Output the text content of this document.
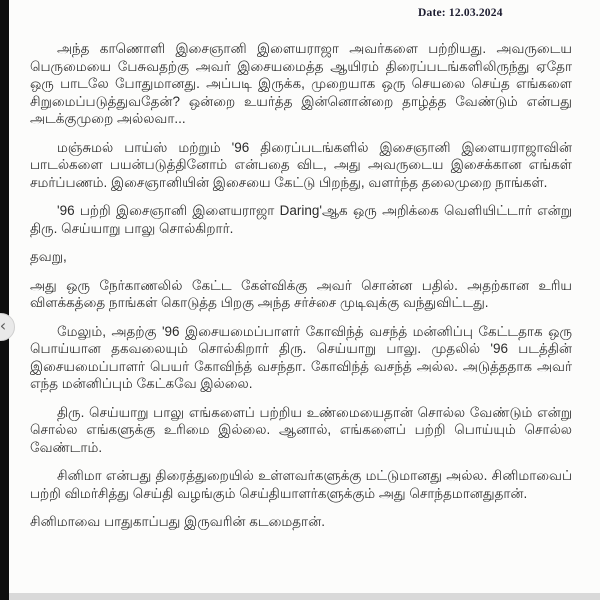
Date: 12.03.2024

அந்த காணொளி இசைஞானி இளையராஜா அவர்களை பற்றியது. அவருடைய பெருமையை பேசுவதற்கு அவர் இசையமைத்த ஆயிரம் திரைப்படங்களிலிருந்து ஏதோ ஒரு பாடலே போதுமானது. அப்படி இருக்க, முறையாக ஒரு செயலை செய்த எங்களை சிறுமைப்படுத்துவதேன்? ஒன்றை உயர்த்த இன்னொன்றை தாழ்த்த வேண்டும் என்பது அடக்குமுறை அல்லவா...

மஞ்சுமல் பாய்ஸ் மற்றும் '96 திரைப்படங்களில் இசைஞானி இளையராஜாவின் பாடல்களை பயன்படுத்தினோம் என்பதை விட, அது அவருடைய இசைக்கான எங்கள் சமர்ப்பணம். இசைஞானியின் இசையை கேட்டு பிறந்து, வளர்ந்த தலைமுறை நாங்கள்.

'96 பற்றி இசைஞானி இளையராஜா Daring'ஆக ஒரு அறிக்கை வெளியிட்டார் என்று திரு. செய்யாறு பாலு சொல்கிறார்.

தவறு,

அது ஒரு நேர்காணலில் கேட்ட கேள்விக்கு அவர் சொன்ன பதில். அதற்கான உரிய விளக்கத்தை நாங்கள் கொடுத்த பிறகு அந்த சர்ச்சை முடிவுக்கு வந்துவிட்டது.

மேலும், அதற்கு '96 இசையமைப்பாளர் கோவிந்த் வசந்த் மன்னிப்பு கேட்டதாக ஒரு பொய்யான தகவலையும் சொல்கிறார் திரு. செய்யாறு பாலு. முதலில் '96 படத்தின் இசையமைப்பாளர் பெயர் கோவிந்த் வசந்தா. கோவிந்த் வசந்த் அல்ல. அடுத்ததாக அவர் எந்த மன்னிப்பும் கேட்கவே இல்லை.

திரு. செய்யாறு பாலு எங்களைப் பற்றிய உண்மையைதான் சொல்ல வேண்டும் என்று சொல்ல எங்களுக்கு உரிமை இல்லை. ஆனால், எங்களைப் பற்றி பொய்யும் சொல்ல வேண்டாம்.

சினிமா என்பது திரைத்துறையில் உள்ளவர்களுக்கு மட்டுமானது அல்ல. சினிமாவைப் பற்றி விமர்சித்து செய்தி வழங்கும் செய்தியாளர்களுக்கும் அது சொந்தமானதுதான்.

சினிமாவை பாதுகாப்பது இருவரின் கடமைதான்.

‹
